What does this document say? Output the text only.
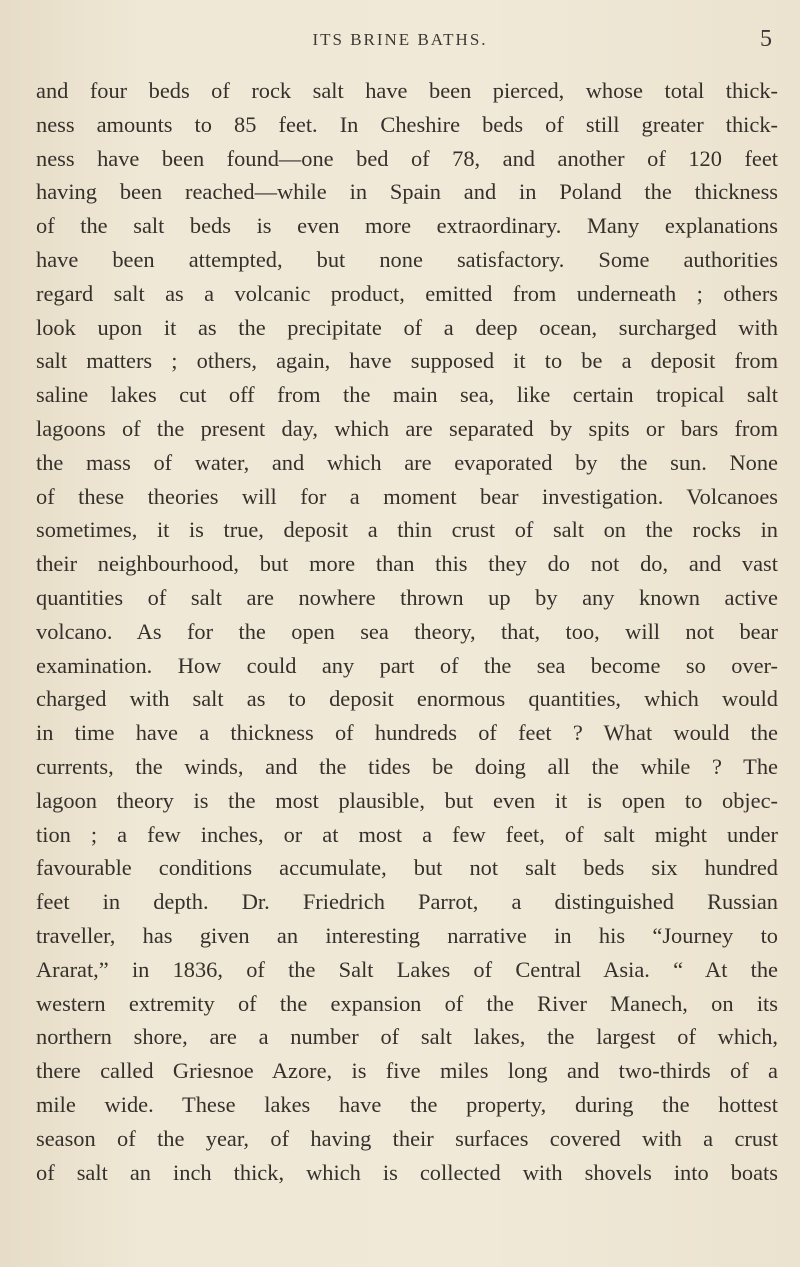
ITS BRINE BATHS.	5
and four beds of rock salt have been pierced, whose total thick-
ness amounts to 85 feet. In Cheshire beds of still greater thick-
ness have been found—one bed of 78, and another of 120 feet
having been reached—while in Spain and in Poland the thickness
of the salt beds is even more extraordinary. Many explanations
have been attempted, but none satisfactory. Some authorities
regard salt as a volcanic product, emitted from underneath ; others
look upon it as the precipitate of a deep ocean, surcharged with
salt matters ; others, again, have supposed it to be a deposit from
saline lakes cut off from the main sea, like certain tropical salt
lagoons of the present day, which are separated by spits or bars from
the mass of water, and which are evaporated by the sun. None
of these theories will for a moment bear investigation. Volcanoes
sometimes, it is true, deposit a thin crust of salt on the rocks in
their neighbourhood, but more than this they do not do, and vast
quantities of salt are nowhere thrown up by any known active
volcano. As for the open sea theory, that, too, will not bear
examination. How could any part of the sea become so over-
charged with salt as to deposit enormous quantities, which would
in time have a thickness of hundreds of feet ? What would the
currents, the winds, and the tides be doing all the while ? The
lagoon theory is the most plausible, but even it is open to objec-
tion ; a few inches, or at most a few feet, of salt might under
favourable conditions accumulate, but not salt beds six hundred
feet in depth. Dr. Friedrich Parrot, a distinguished Russian
traveller, has given an interesting narrative in his “Journey to
Ararat,” in 1836, of the Salt Lakes of Central Asia. “ At the
western extremity of the expansion of the River Manech, on its
northern shore, are a number of salt lakes, the largest of which,
there called Griesnoe Azore, is five miles long and two-thirds of a
mile wide. These lakes have the property, during the hottest
season of the year, of having their surfaces covered with a crust
of salt an inch thick, which is collected with shovels into boats
